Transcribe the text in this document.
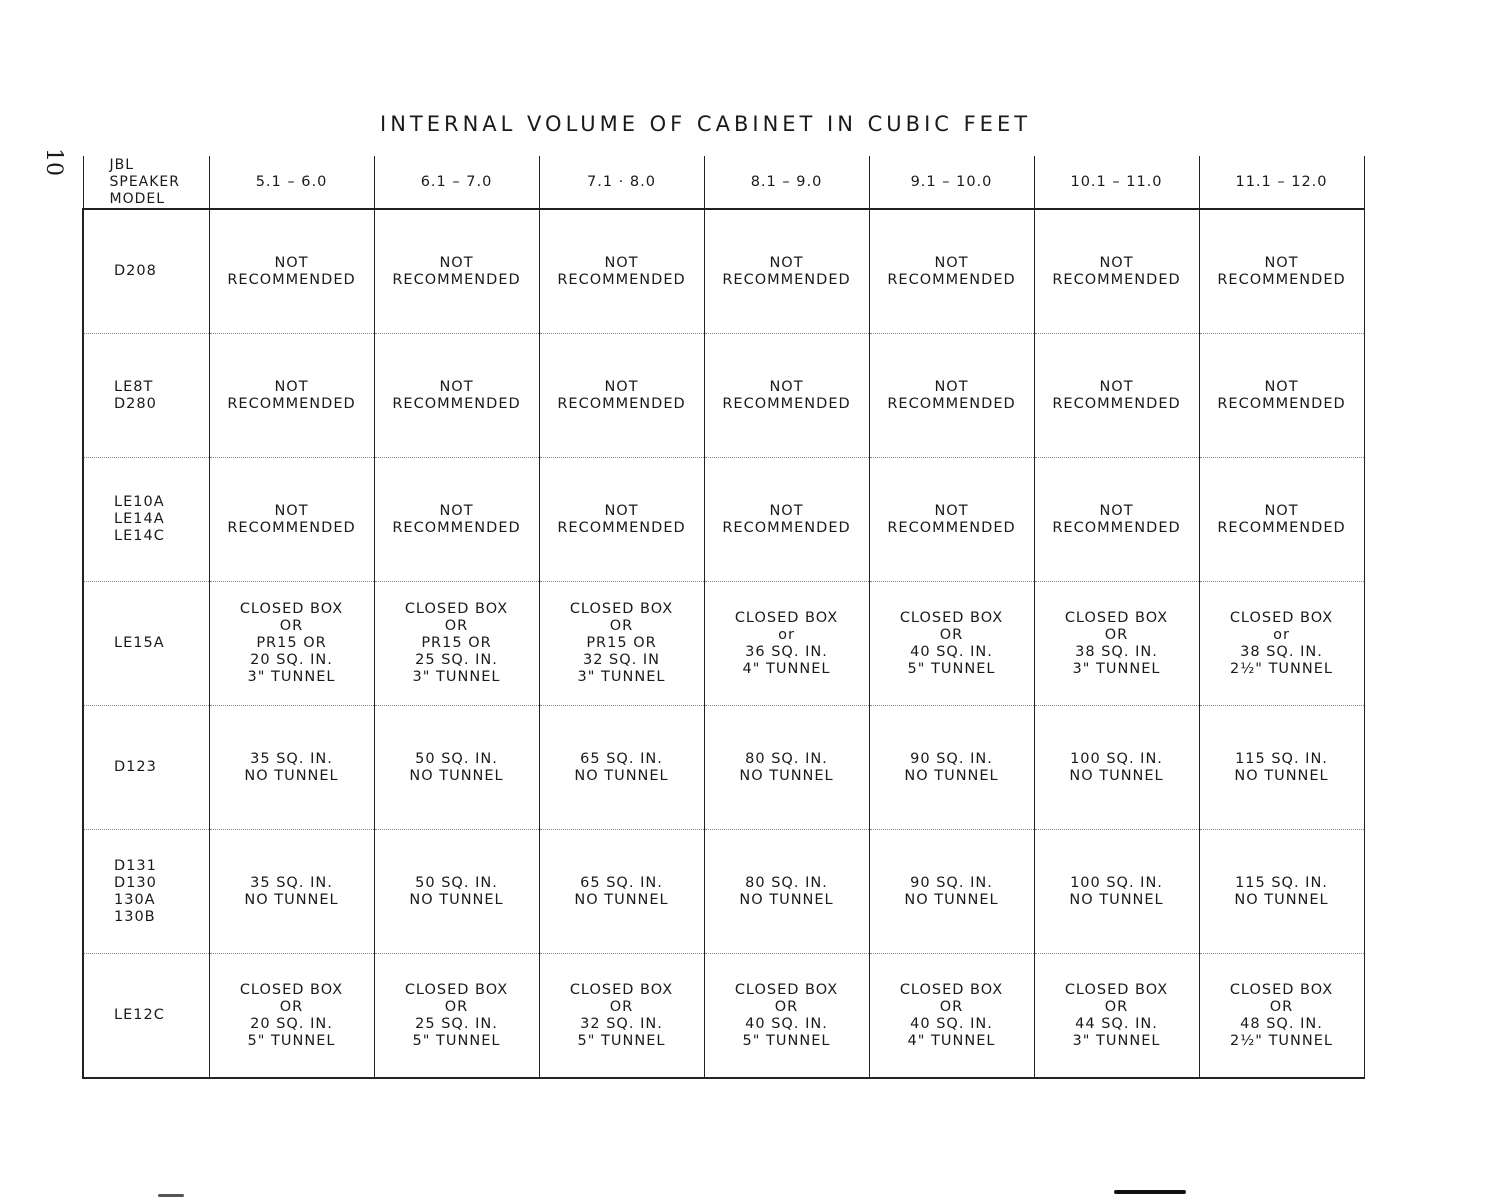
10
INTERNAL VOLUME OF CABINET IN CUBIC FEET
JBL
SPEAKER
MODEL	5.1 – 6.0	6.1 – 7.0	7.1 · 8.0	8.1 – 9.0	9.1 – 10.0	10.1 – 11.0	11.1 – 12.0
D208	NOT
RECOMMENDED	NOT
RECOMMENDED	NOT
RECOMMENDED	NOT
RECOMMENDED	NOT
RECOMMENDED	NOT
RECOMMENDED	NOT
RECOMMENDED
LE8T
D280	NOT
RECOMMENDED	NOT
RECOMMENDED	NOT
RECOMMENDED	NOT
RECOMMENDED	NOT
RECOMMENDED	NOT
RECOMMENDED	NOT
RECOMMENDED
LE10A
LE14A
LE14C	NOT
RECOMMENDED	NOT
RECOMMENDED	NOT
RECOMMENDED	NOT
RECOMMENDED	NOT
RECOMMENDED	NOT
RECOMMENDED	NOT
RECOMMENDED
LE15A	CLOSED BOX
OR
PR15 OR
20 SQ. IN.
3" TUNNEL	CLOSED BOX
OR
PR15 OR
25 SQ. IN.
3" TUNNEL	CLOSED BOX
OR
PR15 OR
32 SQ. IN
3" TUNNEL	CLOSED BOX
or
36 SQ. IN.
4" TUNNEL	CLOSED BOX
OR
40 SQ. IN.
5" TUNNEL	CLOSED BOX
OR
38 SQ. IN.
3" TUNNEL	CLOSED BOX
or
38 SQ. IN.
2½" TUNNEL
D123	35 SQ. IN.
NO TUNNEL	50 SQ. IN.
NO TUNNEL	65 SQ. IN.
NO TUNNEL	80 SQ. IN.
NO TUNNEL	90 SQ. IN.
NO TUNNEL	100 SQ. IN.
NO TUNNEL	115 SQ. IN.
NO TUNNEL
D131
D130
130A
130B	35 SQ. IN.
NO TUNNEL	50 SQ. IN.
NO TUNNEL	65 SQ. IN.
NO TUNNEL	80 SQ. IN.
NO TUNNEL	90 SQ. IN.
NO TUNNEL	100 SQ. IN.
NO TUNNEL	115 SQ. IN.
NO TUNNEL
LE12C	CLOSED BOX
OR
20 SQ. IN.
5" TUNNEL	CLOSED BOX
OR
25 SQ. IN.
5" TUNNEL	CLOSED BOX
OR
32 SQ. IN.
5" TUNNEL	CLOSED BOX
OR
40 SQ. IN.
5" TUNNEL	CLOSED BOX
OR
40 SQ. IN.
4" TUNNEL	CLOSED BOX
OR
44 SQ. IN.
3" TUNNEL	CLOSED BOX
OR
48 SQ. IN.
2½" TUNNEL
